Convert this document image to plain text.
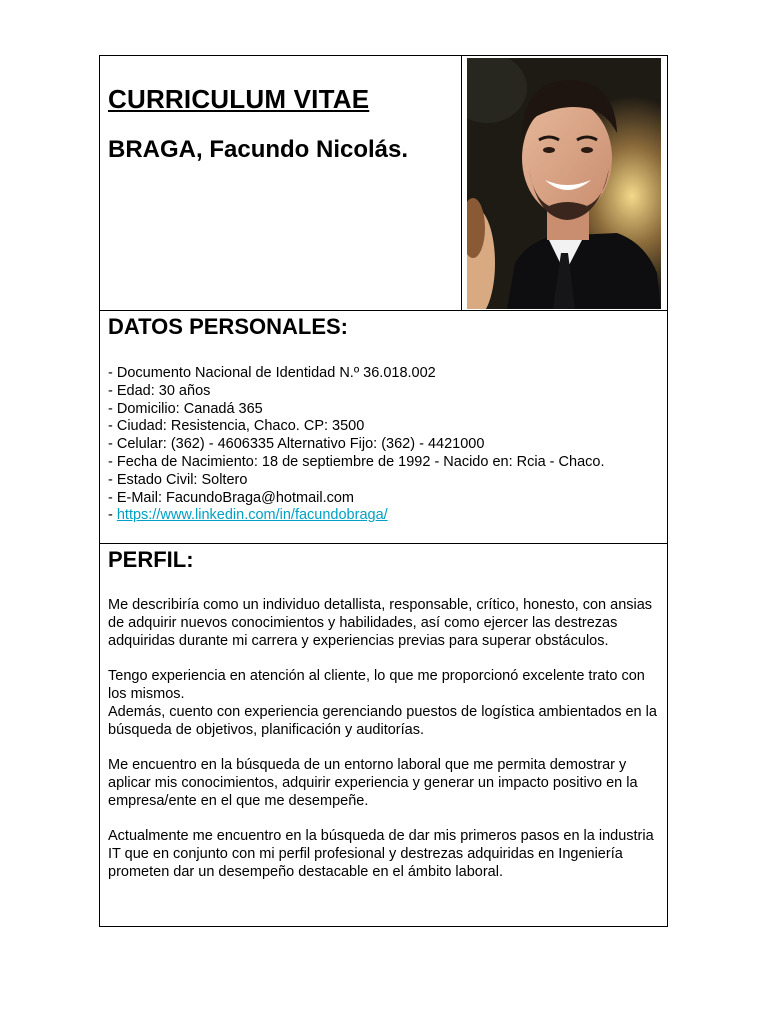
CURRICULUM VITAE
BRAGA, Facundo Nicolás.
DATOS PERSONALES:
- Documento Nacional de Identidad N.º 36.018.002
- Edad: 30 años
- Domicilio: Canadá 365
- Ciudad: Resistencia, Chaco. CP: 3500
- Celular: (362) - 4606335 Alternativo Fijo: (362) - 4421000
- Fecha de Nacimiento: 18 de septiembre de 1992 - Nacido en: Rcia - Chaco.
- Estado Civil: Soltero
- E-Mail: FacundoBraga@hotmail.com
- https://www.linkedin.com/in/facundobraga/
PERFIL:

Me describiría como un individuo detallista, responsable, crítico, honesto, con ansias de adquirir nuevos conocimientos y habilidades, así como ejercer las destrezas adquiridas durante mi carrera y experiencias previas para superar obstáculos.

Tengo experiencia en atención al cliente, lo que me proporcionó excelente trato con los mismos.

Además, cuento con experiencia gerenciando puestos de logística ambientados en la búsqueda de objetivos, planificación y auditorías.

Me encuentro en la búsqueda de un entorno laboral que me permita demostrar y aplicar mis conocimientos, adquirir experiencia y generar un impacto positivo en la empresa/ente en el que me desempeñe.

Actualmente me encuentro en la búsqueda de dar mis primeros pasos en la industria IT que en conjunto con mi perfil profesional y destrezas adquiridas en Ingeniería prometen dar un desempeño destacable en el ámbito laboral.
